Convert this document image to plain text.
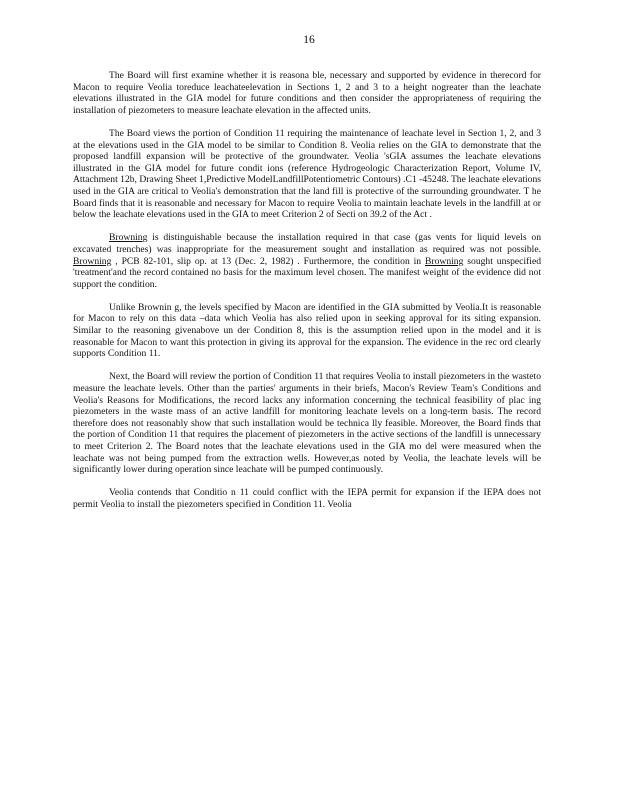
16

The Board will first examine whether it is reasona ble, necessary and supported by evidence in therecord for Macon to require Veolia toreduce leachateelevation in Sections 1, 2 and 3 to a height nogreater than the leachate elevations illustrated in the GIA model for future conditions and then consider the appropriateness of requiring the installation of piezometers to measure leachate elevation in the affected units.

The Board views the portion of Condition 11 requiring the maintenance of leachate level in Section 1, 2, and 3 at the elevations used in the GIA model to be similar to Condition 8. Veolia relies on the GIA to demonstrate that the proposed landfill expansion will be protective of the groundwater. Veolia 'sGIA assumes the leachate elevations illustrated in the GIA model for future condit ions (reference Hydrogeologic Characterization Report, Volume IV, Attachment 12b, Drawing Sheet 1,Predictive ModelLandfillPotentiometric Contours) .C1 -45248. The leachate elevations used in the GIA are critical to Veolia's demonstration that the land fill is protective of the surrounding groundwater. T he Board finds that it is reasonable and necessary for Macon to require Veolia to maintain leachate levels in the landfill at or below the leachate elevations used in the GIA to meet Criterion 2 of Secti on 39.2 of the Act .

Browning is distinguishable because the installation required in that case (gas vents for liquid levels on excavated trenches) was inappropriate for the measurement sought and installation as required was not possible. Browning , PCB 82-101, slip op. at 13 (Dec. 2, 1982) . Furthermore, the condition in Browning sought unspecified 'treatment'and the record contained no basis for the maximum level chosen. The manifest weight of the evidence did not support the condition.

Unlike Brownin g, the levels specified by Macon are identified in the GIA submitted by Veolia.It is reasonable for Macon to rely on this data –data which Veolia has also relied upon in seeking approval for its siting expansion. Similar to the reasoning givenabove un der Condition 8, this is the assumption relied upon in the model and it is reasonable for Macon to want this protection in giving its approval for the expansion. The evidence in the rec ord clearly supports Condition 11.

Next, the Board will review the portion of Condition 11 that requires Veolia to install piezometers in the wasteto measure the leachate levels. Other than the parties' arguments in their briefs, Macon's Review Team's Conditions and Veolia's Reasons for Modifications, the record lacks any information concerning the technical feasibility of plac ing piezometers in the waste mass of an active landfill for monitoring leachate levels on a long-term basis. The record therefore does not reasonably show that such installation would be technica lly feasible. Moreover, the Board finds that the portion of Condition 11 that requires the placement of piezometers in the active sections of the landfill is unnecessary to meet Criterion 2. The Board notes that the leachate elevations used in the GIA mo del were measured when the leachate was not being pumped from the extraction wells. However,as noted by Veolia, the leachate levels will be significantly lower during operation since leachate will be pumped continuously.

Veolia contends that Conditio n 11 could conflict with the IEPA permit for expansion if the IEPA does not permit Veolia to install the piezometers specified in Condition 11. Veolia
